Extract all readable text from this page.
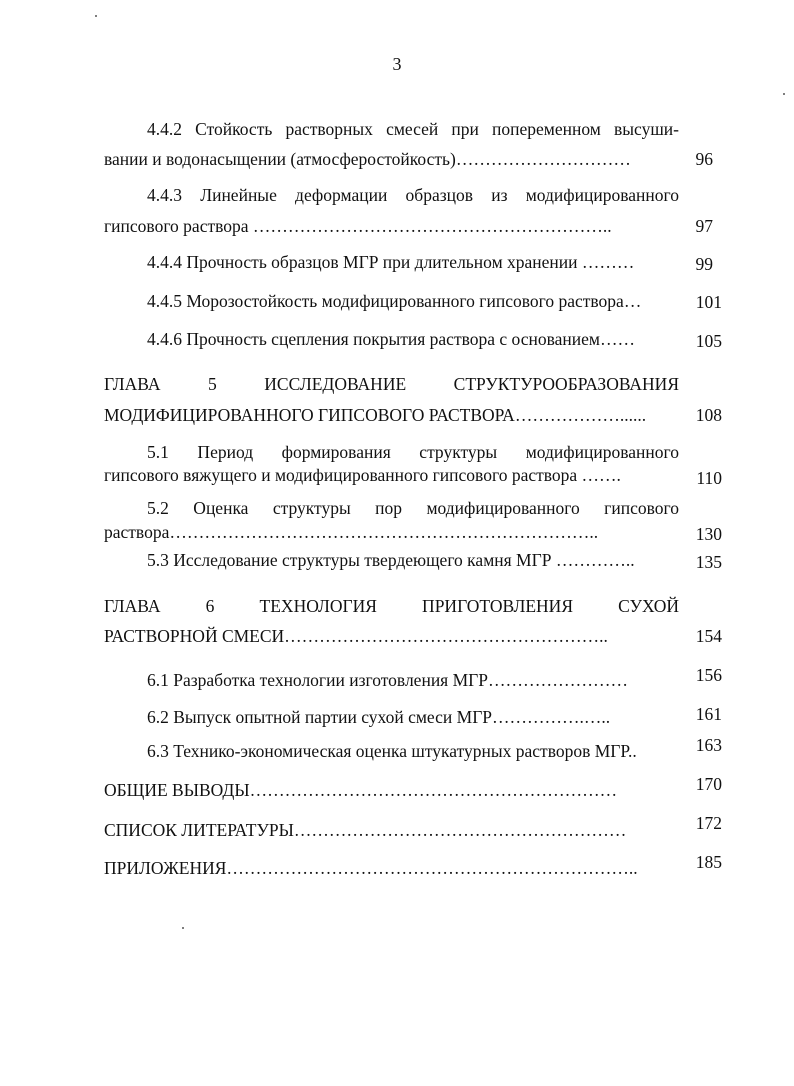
3
4.4.2 Стойкость растворных смесей при попеременном высуши-
вании и водонасыщении (атмосферостойкость)…………………………	96
4.4.3 Линейные деформации образцов из модифицированного
гипсового раствора ……………………………………………………..	97
4.4.4 Прочность образцов МГР при длительном хранении ………	99
4.4.5 Морозостойкость модифицированного гипсового раствора…	101
4.4.6 Прочность сцепления покрытия раствора с основанием……	105
ГЛАВА 5 ИССЛЕДОВАНИЕ СТРУКТУРООБРАЗОВАНИЯ
МОДИФИЦИРОВАННОГО ГИПСОВОГО РАСТВОРА………………......	108
5.1 Период формирования структуры модифицированного
гипсового вяжущего и модифицированного гипсового раствора …….	110
5.2 Оценка структуры пор модифицированного гипсового
раствора………………………………………………………………..	130
5.3 Исследование структуры твердеющего камня МГР …………..	135
ГЛАВА 6 ТЕХНОЛОГИЯ ПРИГОТОВЛЕНИЯ СУХОЙ
РАСТВОРНОЙ СМЕСИ………………………………………………..	154
6.1 Разработка технологии изготовления МГР……………………	156
6.2 Выпуск опытной партии сухой смеси МГР…………….…..	161
6.3 Технико-экономическая оценка штукатурных растворов МГР..	163
ОБЩИЕ ВЫВОДЫ………………………………………………………	170
СПИСОК ЛИТЕРАТУРЫ…………………………………………………	172
ПРИЛОЖЕНИЯ……………………………………………………………..	185
